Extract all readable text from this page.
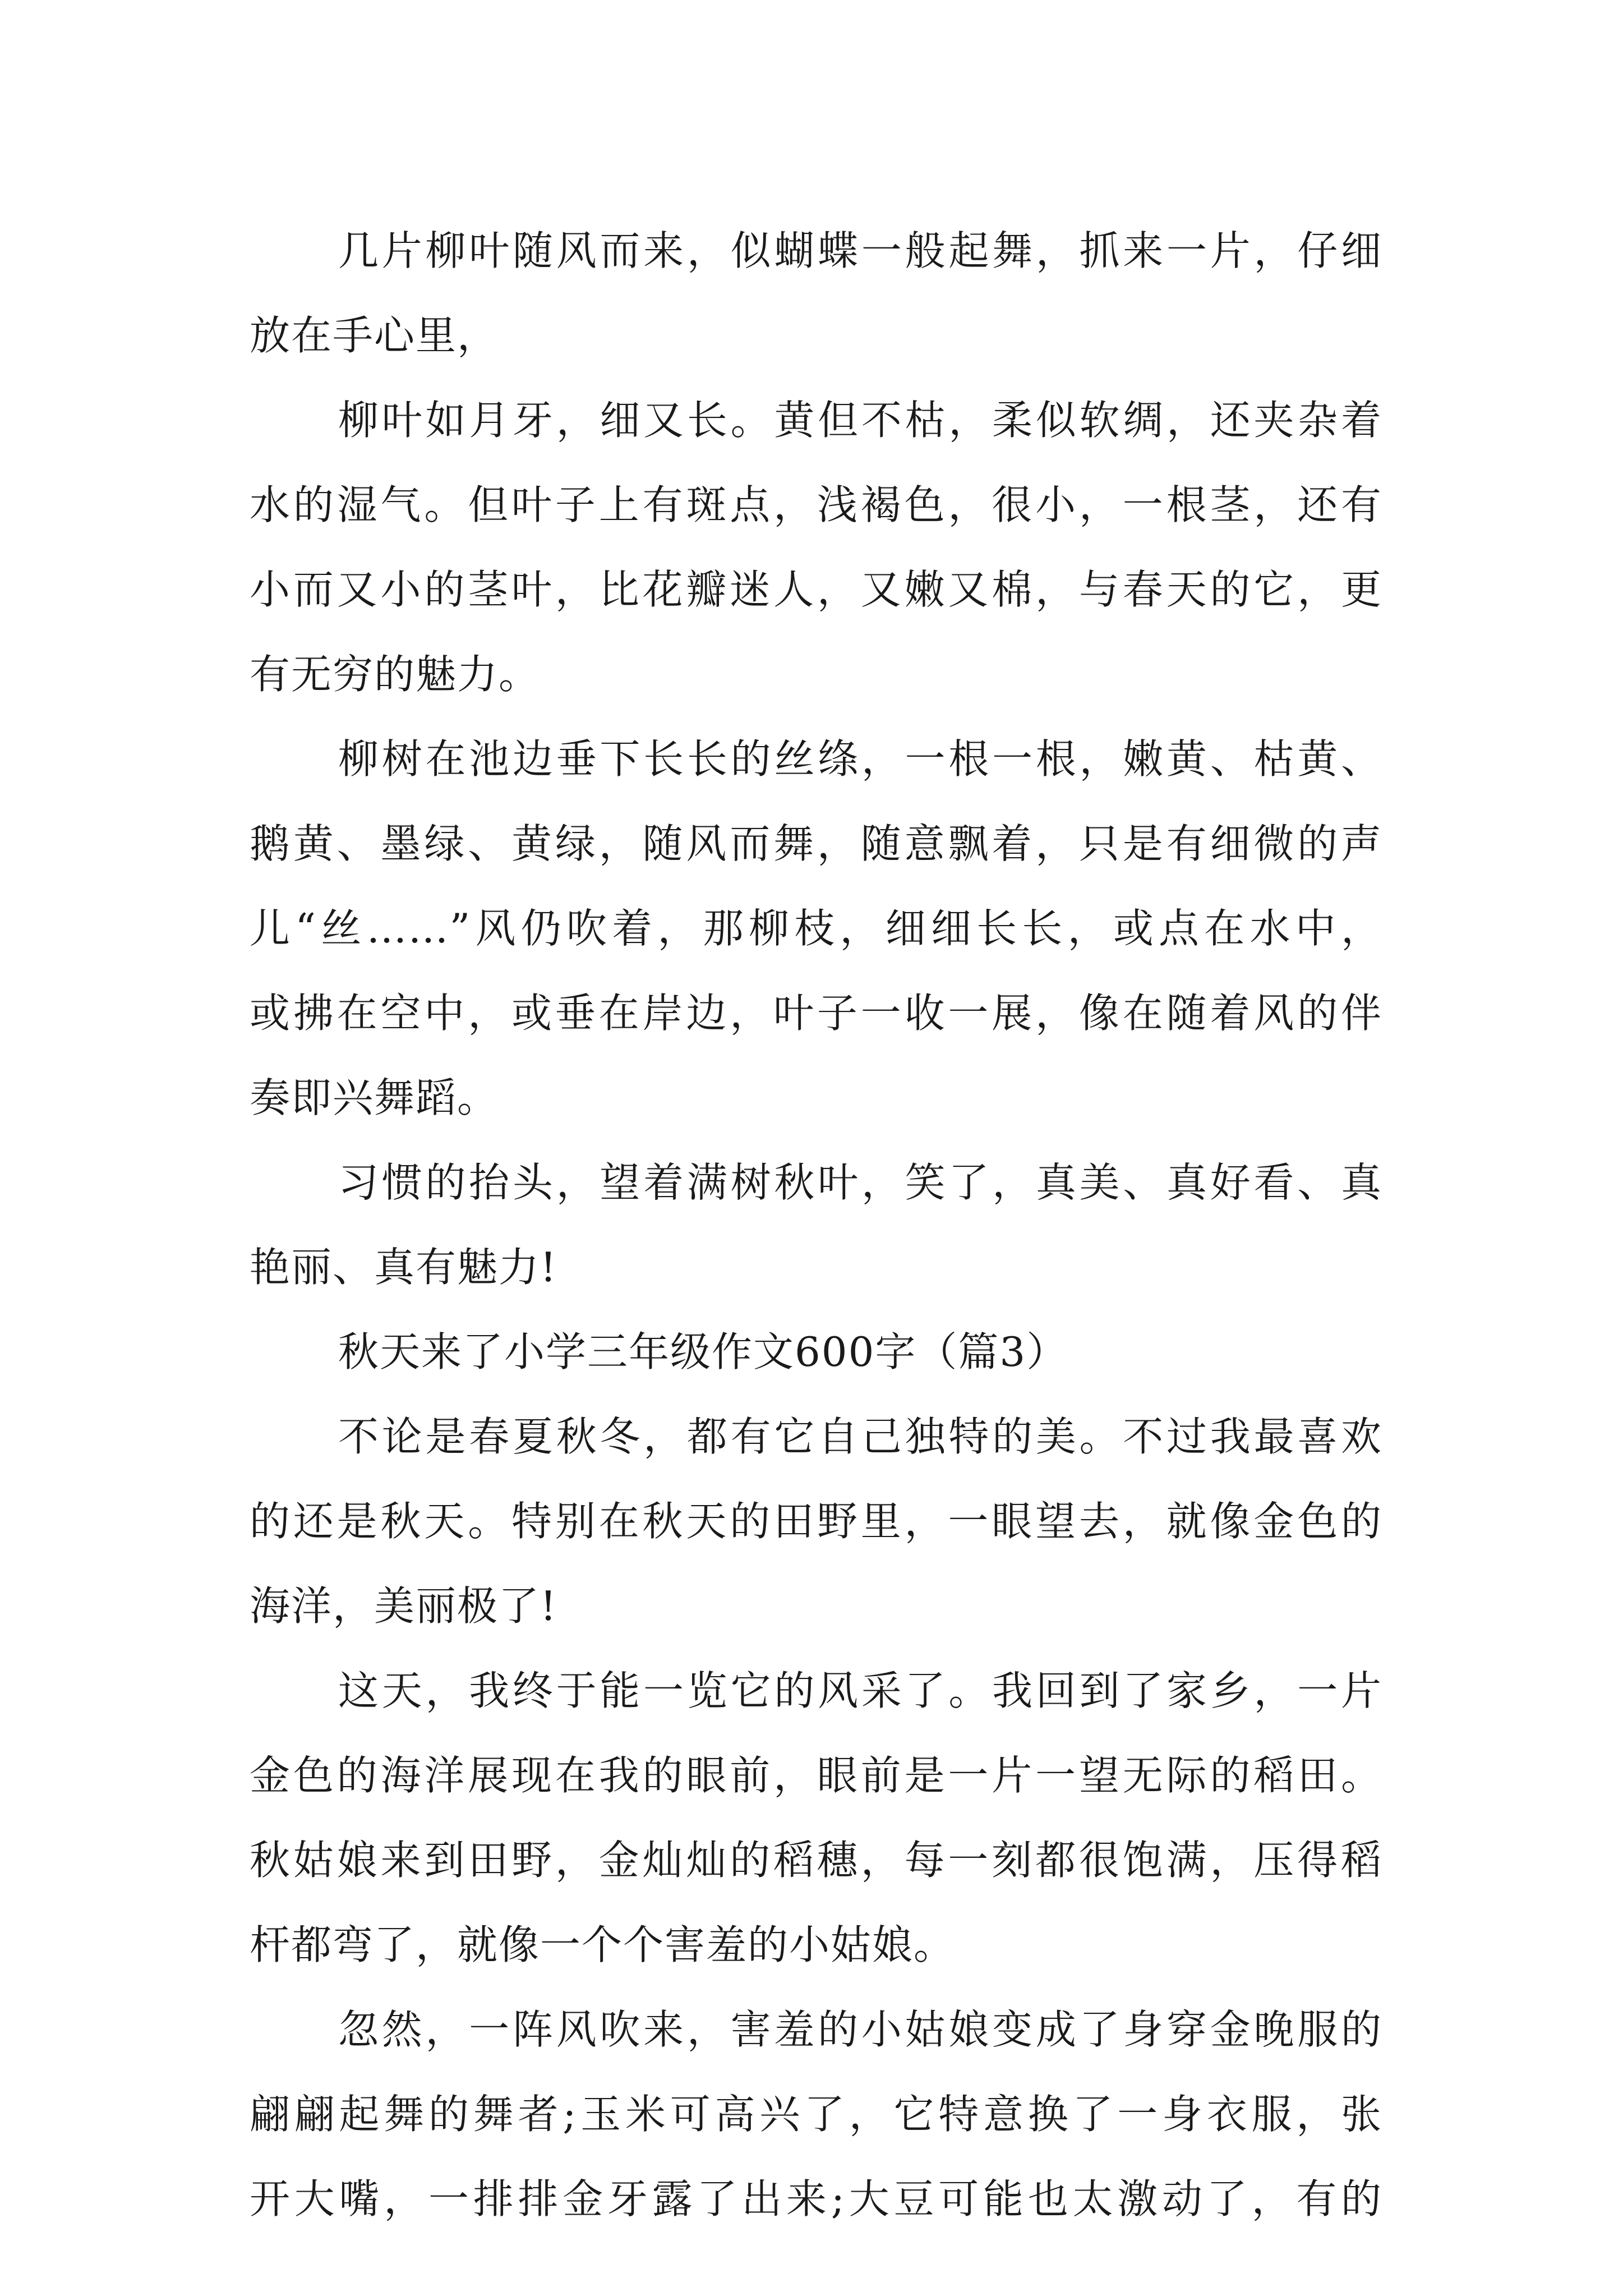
几片柳叶随风而来，似蝴蝶一般起舞，抓来一片，仔细
放在手心里，
柳叶如月牙，细又长。黄但不枯，柔似软绸，还夹杂着
水的湿气。但叶子上有斑点，浅褐色，很小，一根茎，还有
小而又小的茎叶，比花瓣迷人，又嫩又棉，与春天的它，更
有无穷的魅力。
柳树在池边垂下长长的丝绦，一根一根，嫩黄、枯黄、
鹅黄、墨绿、黄绿，随风而舞，随意飘着，只是有细微的声
儿“丝……”风仍吹着，那柳枝，细细长长，或点在水中，
或拂在空中，或垂在岸边，叶子一收一展，像在随着风的伴
奏即兴舞蹈。
习惯的抬头，望着满树秋叶，笑了，真美、真好看、真
艳丽、真有魅力!
秋天来了小学三年级作文600字（篇3）
不论是春夏秋冬，都有它自己独特的美。不过我最喜欢
的还是秋天。特别在秋天的田野里，一眼望去，就像金色的
海洋，美丽极了!
这天，我终于能一览它的风采了。我回到了家乡，一片
金色的海洋展现在我的眼前，眼前是一片一望无际的稻田。
秋姑娘来到田野，金灿灿的稻穗，每一刻都很饱满，压得稻
杆都弯了，就像一个个害羞的小姑娘。
忽然，一阵风吹来，害羞的小姑娘变成了身穿金晚服的
翩翩起舞的舞者;玉米可高兴了，它特意换了一身衣服，张
开大嘴，一排排金牙露了出来;大豆可能也太激动了，有的
